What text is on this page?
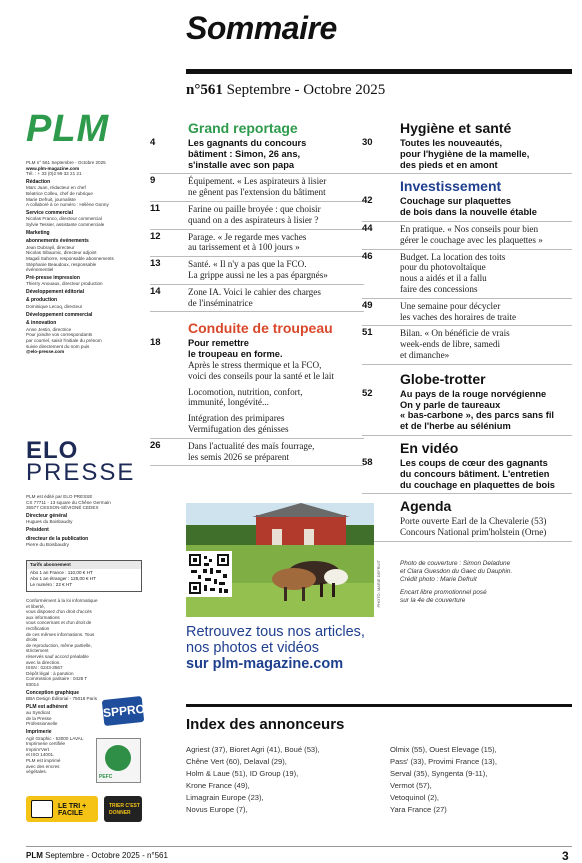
Sommaire
n°561 Septembre - Octobre 2025
PLM

PLM n° 561 Septembre - Octobre 2025

www.plm-magazine.com

Tél. : + 33 (0)2 99 32 21 21

Rédaction

Marc Juan, rédacteur en chef

Béatrice Colleu, chef de rubrique

Marie Defruit, journaliste

A collaboré à ce numéro : Hélène Gonny

Service commercial

Nicolas Franco, directeur commercial

Sylvie Tessier, assistante commerciale

Marketing

abonnements événements

Jean Dubrayil, directeur

Nicolas Sibaumic, directeur adjoint

Magali Sahorre, responsable abonnements

Stéphanie Beaudoux, responsable

événementiel

Pré-presse impression

Thierry Anouaux, directeur production

Développement éditorial

& production

Dominique Lecoq, directeur

Développement commercial

& innovation

Anne Jestin, directrice

Pour joindre vos correspondants

par courriel, saisir l'initiale du prénom

suivie directement du nom puis

@elo-presse.com

ELO
PRESSE

PLM est édité par ELO PRESSE

CS 77711 - 13 square du Chêne Germain

35577 CESSON-SÉVIGNÉ CEDEX

Directeur général

Hugues du Boisbaudry

Président

directeur de la publication

Pierre du Boisbaudry

Tarifs abonnement
Abo 1 an France : 110,00 € HT
Abo 1 an étranger : 125,00 € HT
Le numéro : 22 € HT

Conformément à la loi informatique et liberté,

vous disposez d'un droit d'accès aux informations

vous concernant et d'un droit de rectification

de ces mêmes informations. Tous droits

de reproduction, même partielle, strictement

réservés sauf accord préalable avec la direction.

ISSN : 0243-3567

Dépôt légal : à parution

Commission paritaire : 0428 T 83014

Conception graphique

BBA Design Éditorial - 75018 Paris

PLM est adhérent

au Syndicat

de la Presse

Professionnelle

Imprimerie

Agir Graphic - 53000 LAVAL

Imprimerie certifiée

Imprim'Vert

et ISO 14001.

PLM est imprimé

avec des encres

végétales.

SPPRO
PEFC
LE TRI + FACILE
TRIER C'EST DONNER
Grand reportage
4	Les gagnants du concours
bâtiment : Simon, 26 ans,
s'installe avec son papa
9	Équipement. « Les aspirateurs à lisier
ne gênent pas l'extension du bâtiment
11	Farine ou paille broyée : que choisir
quand on a des aspirateurs à lisier ?
12	Parage. « Je regarde mes vaches
au tarissement et à 100 jours »
13	Santé. « Il n'y a pas que la FCO.
La grippe aussi ne les a pas épargnés»
14	Zone IA. Voici le cahier des charges
de l'inséminatrice
Conduite de troupeau
18	Pour remettre
le troupeau en forme.
Après le stress thermique et la FCO,
voici des conseils pour la santé et le lait

Locomotion, nutrition, confort,
immunité, longévité...

Intégration des primipares
Vermifugation des génisses
26	Dans l'actualité des maïs fourrage,
les semis 2026 se préparent
Hygiène et santé
30	Toutes les nouveautés,
pour l'hygiène de la mamelle,
des pieds et en amont
Investissement
42	Couchage sur plaquettes
de bois dans la nouvelle étable
44	En pratique. « Nos conseils pour bien
gérer le couchage avec les plaquettes »
46	Budget. La location des toits
pour du photovoltaïque
nous a aidés et il a fallu
faire des concessions
49	Une semaine pour décycler
les vaches des horaires de traite
51	Bilan. « On bénéficie de vrais
week-ends de libre, samedi
et dimanche»
Globe-trotter
52	Au pays de la rouge norvégienne
On y parle de taureaux
« bas-carbone », des parcs sans fil
et de l'herbe au sélénium
En vidéo
58	Les coups de cœur des gagnants
du concours bâtiment. L'entretien
du couchage en plaquettes de bois
Agenda
Porte ouverte Earl de la Chevalerie (53)
Concours National prim'holstein (Orne)
PHOTO: MARIE DEFRUIT	Photo de couverture : Simon Deladune
et Clara Guesdon du Gaec du Dauphin.
Crédit photo : Marie Defruit
Encart libre promotionnel posé
sur la 4e de couverture
Retrouvez tous nos articles,
nos photos et vidéos
sur plm-magazine.com
Index des annonceurs
Agriest (37), Bioret Agri (41), Boué (53),
Chêne Vert (60), Delaval (29),
Holm & Laue (51), ID Group (19),
Krone France (49),
Limagrain Europe (23),
Novus Europe (7),
Olmix (55), Ouest Elevage (15),
Pass' (33), Provimi France (13),
Serval (35), Syngenta (9-11),
Vermot (57),
Vetoquinol (2),
Yara France (27)
PLM Septembre - Octobre 2025 - n°561	3
